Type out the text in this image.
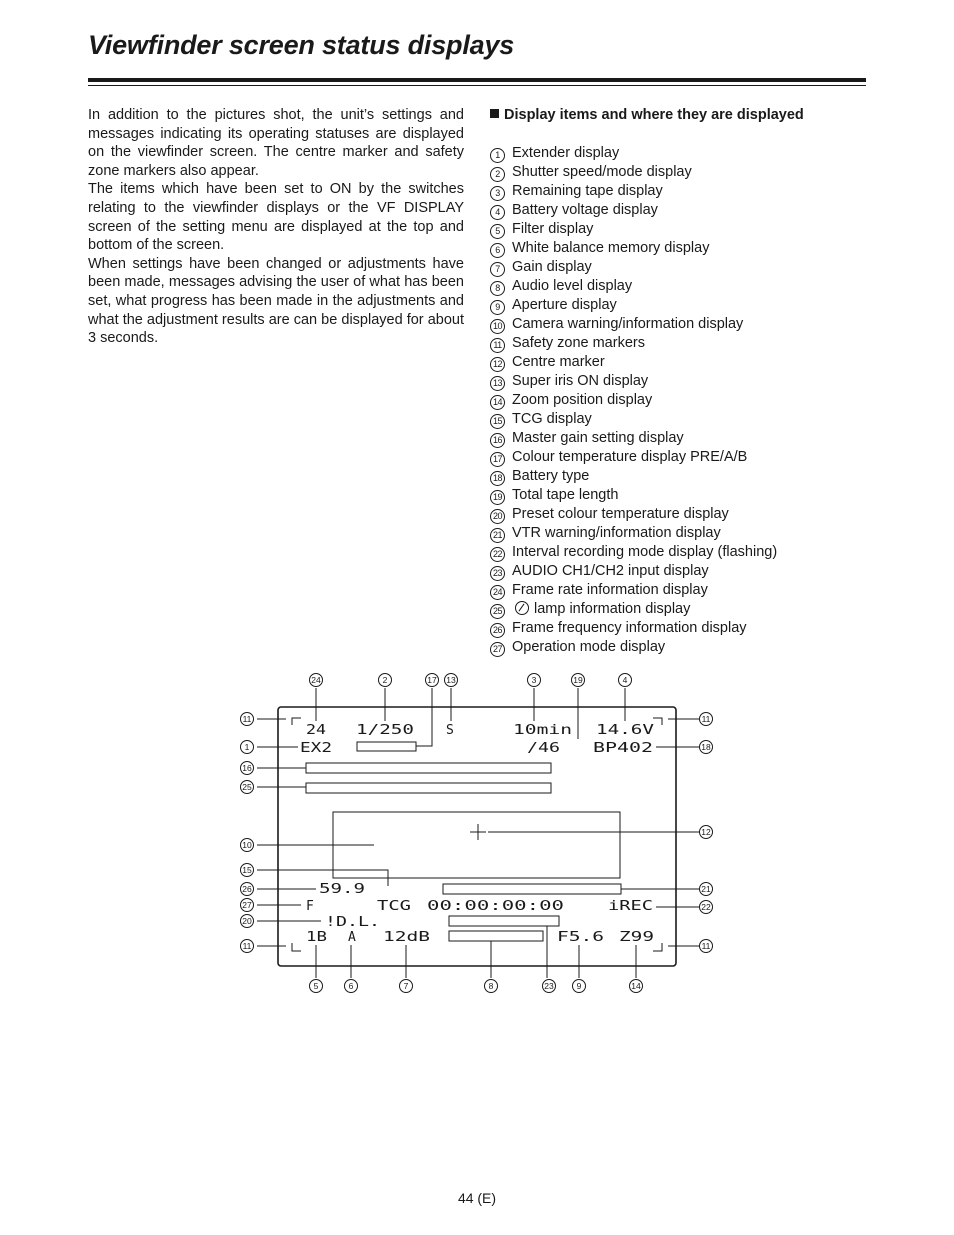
Viewfinder screen status displays

In addition to the pictures shot, the unit’s settings and messages indicating its operating statuses are displayed on the viewfinder screen. The centre marker and safety zone markers also appear.

The items which have been set to ON by the switches relating to the viewfinder displays or the VF DISPLAY screen of the setting menu are displayed at the top and bottom of the screen.

When settings have been changed or adjustments have been made, messages advising the user of what has been set, what progress has been made in the adjustments and what the adjustment results are can be displayed for about 3 seconds.

Display items and where they are displayed
1 Extender display
2 Shutter speed/mode display
3 Remaining tape display
4 Battery voltage display
5 Filter display
6 White balance memory display
7 Gain display
8 Audio level display
9 Aperture display
10 Camera warning/information display
11 Safety zone markers
12 Centre marker
13 Super iris ON display
14 Zoom position display
15 TCG display
16 Master gain setting display
17 Colour temperature display PRE/A/B
18 Battery type
19 Total tape length
20 Preset colour temperature display
21 VTR warning/information display
22 Interval recording mode display (flashing)
23 AUDIO CH1/CH2 input display
24 Frame rate information display
25 lamp information display
26 Frame frequency information display
27 Operation mode display
24 1/250 S	10min 14.6V
EX2	/46	BP402
59.9
F	TCG 00:00:00:00	iREC
!D.L.
1B A 12dB	F5.6 Z99
24	2	17 13	3	19	4
11
1
16
25
10
15
26
27
20
11
11
18
12
21
22
11
5	6	7	8	23	9	14
44 (E)
